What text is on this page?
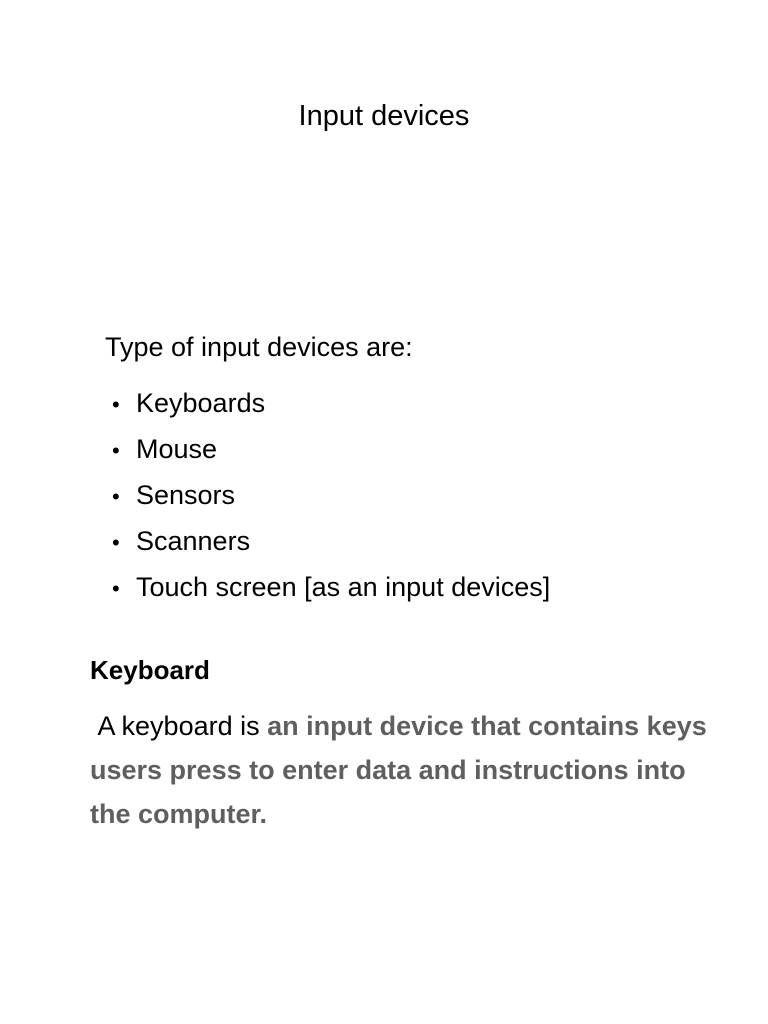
Input devices

Type of input devices are:

• Keyboards
• Mouse
• Sensors
• Scanners
• Touch screen [as an input devices]
Keyboard

A keyboard is an input device that contains keys users press to enter data and instructions into the computer.
